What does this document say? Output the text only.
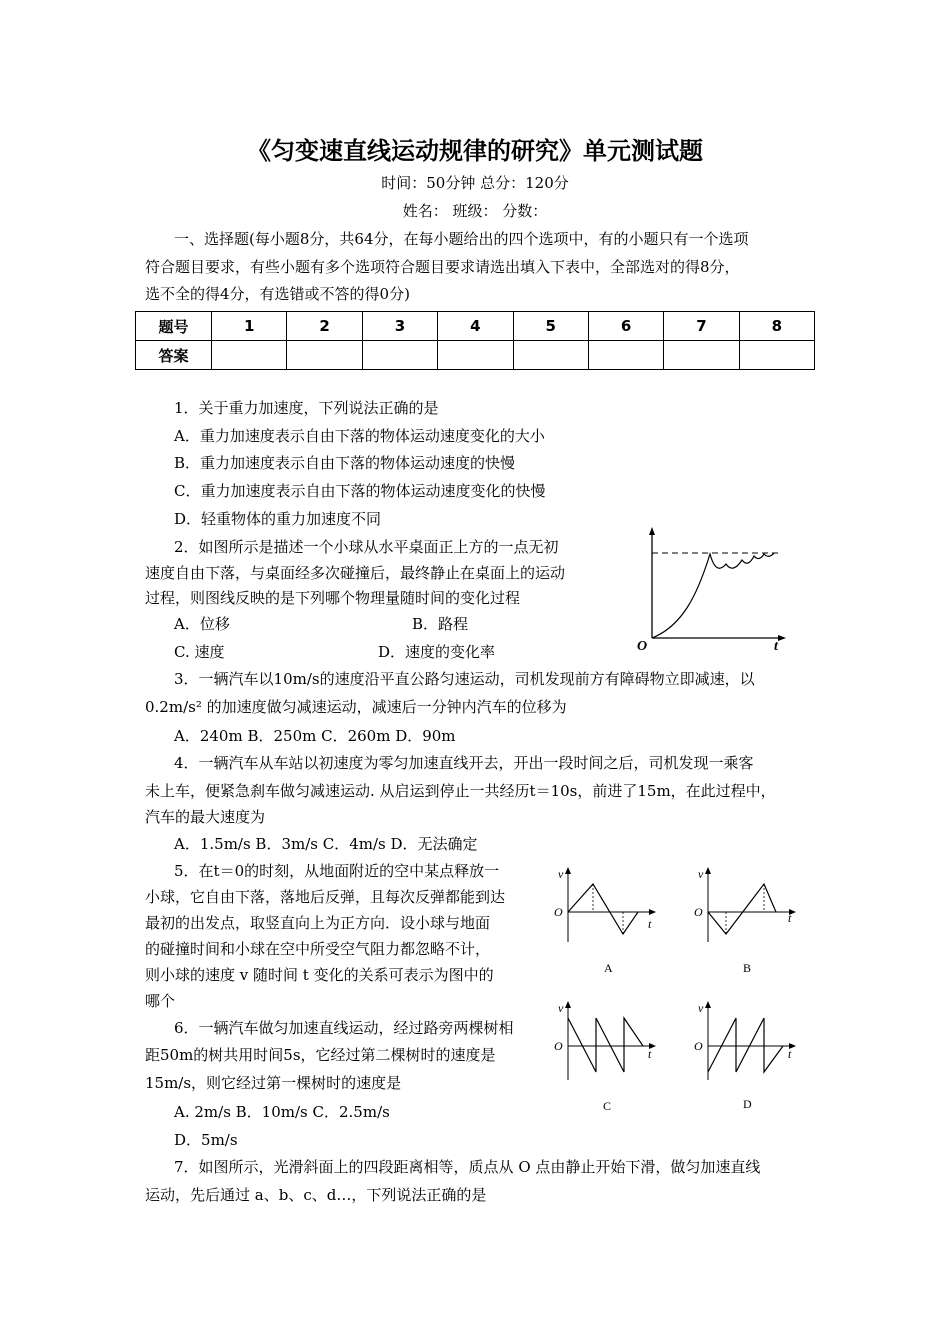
《匀变速直线运动规律的研究》单元测试题
时间：50分钟 总分：120分
姓名： 班级： 分数：
一、选择题(每小题8分，共64分，在每小题给出的四个选项中，有的小题只有一个选项
符合题目要求，有些小题有多个选项符合题目要求请选出填入下表中，全部选对的得8分，
选不全的得4分，有选错或不答的得0分)
题号	1	2	3	4	5	6	7	8
答案								
1．关于重力加速度，下列说法正确的是
A．重力加速度表示自由下落的物体运动速度变化的大小
B．重力加速度表示自由下落的物体运动速度的快慢
C．重力加速度表示自由下落的物体运动速度变化的快慢
D．轻重物体的重力加速度不同
2．如图所示是描述一个小球从水平桌面正上方的一点无初
速度自由下落，与桌面经多次碰撞后，最终静止在桌面上的运动
过程，则图线反映的是下列哪个物理量随时间的变化过程
A．位移	B．路程
C. 速度	D．速度的变化率	O	t
3．一辆汽车以10m/s的速度沿平直公路匀速运动，司机发现前方有障碍物立即减速，以
0.2m/s² 的加速度做匀减速运动，减速后一分钟内汽车的位移为
A．240m B．250m C．260m D．90m
4．一辆汽车从车站以初速度为零匀加速直线开去，开出一段时间之后，司机发现一乘客
未上车，便紧急刹车做匀减速运动. 从启运到停止一共经历t＝10s，前进了15m，在此过程中，
汽车的最大速度为
A．1.5m/s B．3m/s C．4m/s D．无法确定
5．在t＝0的时刻，从地面附近的空中某点释放一
小球，它自由下落，落地后反弹，且每次反弹都能到达
最初的出发点，取竖直向上为正方向．设小球与地面
的碰撞时间和小球在空中所受空气阻力都忽略不计，
则小球的速度 v 随时间 t 变化的关系可表示为图中的
哪个
v
O
t
A
v
O	t
B
v
O
t
C
v
O
t
D
6．一辆汽车做匀加速直线运动，经过路旁两棵树相
距50m的树共用时间5s，它经过第二棵树时的速度是
15m/s，则它经过第一棵树时的速度是
A. 2m/s B．10m/s C．2.5m/s
D．5m/s
7．如图所示，光滑斜面上的四段距离相等，质点从 O 点由静止开始下滑，做匀加速直线
运动，先后通过 a、b、c、d…，下列说法正确的是
